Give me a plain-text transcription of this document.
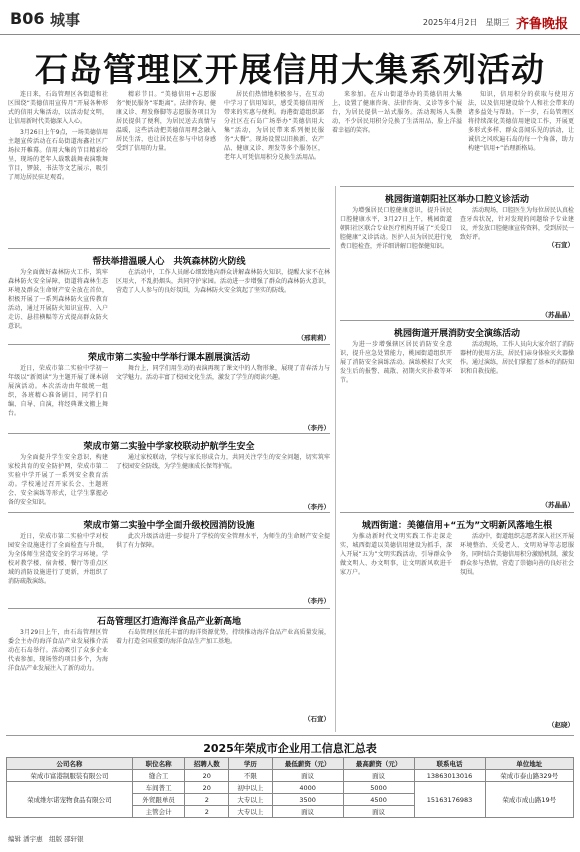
B06 城事	2025年4月2日　星期三 齐鲁晚报
石岛管理区开展信用大集系列活动

连日来，石岛管理区各街道和社区围绕“美德信用宣传月”开展各种形式的信用大集活动，以活动促文明，让信用新时代美德深入人心。

3月26日上午9点，一场美德信用主题宣传活动在石岛街道海鑫社区广场拉开帷幕。信用大集的节目精彩纷呈，现场的老年人载歌载舞表演歌舞节目，锣鼓、书法等文艺展示，吸引了周边居民驻足观看。

精彩节目。“美德信用+志愿服务”便民服务“零距离”。法律咨询、健康义诊、理发修脚等志愿服务项目为居民提供了便利，为居民送去真情与温暖，这些活动把美德信用理念融入居民生活，也让居民在参与中切身感受到了信用的力量。

居民们热情地积极参与，在互动中学习了信用知识，感受美德信用所带来的实惠与便利。海港街道组织部分社区在石岛广场举办“美德信用大集”活动，为居民带来系列便民服务“大餐”。现场设置以旧换新、农产品、健康义诊、理发等多个服务区，老年人可凭信用积分兑换生活用品。

来参加。在斥山街道举办的美德信用大集上，设置了健康咨询、法律咨询、义诊等多个展台，为居民提供一站式服务。活动现场人头攒动，不少居民用积分兑换了生活用品，脸上洋溢着幸福的笑容。

知识，信用积分的获取与使用方法，以及信用建设给个人和社会带来的诸多益处与帮助。下一步，石岛管理区将持续深化美德信用建设工作，开展更多形式多样、群众喜闻乐见的活动，让诚信之风吹遍石岛的每一个角落，助力构建“信用+”治理新格局。

（石宣）
帮扶举措温暖人心　共筑森林防火防线

为全面做好森林防火工作，筑牢森林防火安全屏障，街道将森林生态环境及群众生命财产安全放在首位，积极开展了一系列森林防火宣传教育活动，通过开展防火知识宣传、入户走访、悬挂横幅等方式提高群众防火意识。

在活动中，工作人员耐心细致地向群众讲解森林防火知识，提醒大家不在林区用火，不乱扔烟头，共同守护家园。活动进一步增强了群众的森林防火意识，营造了人人参与的良好氛围，为森林防火安全筑起了坚实的防线。

（邢莉莉）
荣成市第二实验中学举行课本剧展演活动

近日，荣成市第二实验中学初一年级以“新阅读”为主题开展了课本剧展演活动。本次活动由年级统一组织，各班精心准备剧目，同学们自编、自导、自演，将经典课文搬上舞台。

舞台上，同学们用生动的表演再现了课文中的人物形象，展现了青春活力与文学魅力。活动丰富了校园文化生活，激发了学生的阅读兴趣。

（李丹）
荣成市第二实验中学家校联动护航学生安全

为全面提升学生安全意识，构建家校共育的安全防护网，荣成市第二实验中学开展了一系列安全教育活动。学校通过召开家长会、主题班会、安全演练等形式，让学生掌握必备的安全知识。

通过家校联动，学校与家长形成合力，共同关注学生的安全问题，切实筑牢了校园安全防线，为学生健康成长保驾护航。

（李丹）
荣成市第二实验中学全面升级校园消防设施

近日，荣成市第二实验中学对校园安全设施进行了全面检查与升级，为全体师生营造安全的学习环境。学校对教学楼、宿舍楼、餐厅等重点区域的消防设施进行了更新，并组织了消防疏散演练。

此次升级活动进一步提升了学校的安全管理水平，为师生的生命财产安全提供了有力保障。

（李丹）
石岛管理区打造海洋食品产业新高地

3月29日上午，由石岛管理区管委会主办的海洋食品产业发展推介活动在石岛举行。活动吸引了众多企业代表参加，现场签约项目多个，为海洋食品产业发展注入了新的动力。

石岛管理区依托丰富的海洋资源优势，持续推动海洋食品产业高质量发展，着力打造全国重要的海洋食品生产加工基地。

（石宣）
桃园街道朝阳社区举办口腔义诊活动

为增强居民口腔健康意识，提升居民口腔健康水平，3月27日上午，桃园街道朝阳社区联合专业医疗机构开展了“关爱口腔健康”义诊活动。医护人员为居民进行免费口腔检查，并详细讲解口腔保健知识。

活动现场，口腔医生为每位居民认真检查牙齿状况，针对发现的问题给予专业建议，并发放口腔健康宣传资料，受到居民一致好评。

（苏晶晶）
桃园街道开展消防安全演练活动

为进一步增强辖区居民消防安全意识，提升应急处置能力，桃园街道组织开展了消防安全演练活动。演练模拟了火灾发生后的报警、疏散、初期火灾扑救等环节。

活动现场，工作人员向大家介绍了消防器材的使用方法，居民们亲身体验灭火器操作。通过演练，居民们掌握了基本的消防知识和自救技能。

（苏晶晶）
城西街道：美德信用+“五为”文明新风落地生根

为推动新时代文明实践工作走深走实，城西街道以美德信用建设为抓手，深入开展“五为”文明实践活动，引导群众争做文明人、办文明事，让文明新风吹进千家万户。

活动中，街道组织志愿者深入社区开展环境整治、关爱老人、文明劝导等志愿服务，同时结合美德信用积分激励机制，激发群众参与热情，营造了崇德向善的良好社会氛围。

（赵晓）
2025年荣成市企业用工信息汇总表
公司名称	职位名称	招聘人数	学历	最低薪资（元）	最高薪资（元）	联系电话	单位地址
荣成市富港制服装有限公司	缝合工	20	不限	面议	面议	13863013016	荣成市泰山路329号
荣成维尔诺宠物食品有限公司	车间普工	20	初中以上	4000	5000	15163176983	荣成市成山路19号
	外贸跟单员	2	大专以上	3500	4500		
	主管会计	2	大专以上	面议	面议		
编辑 潘宇惠　组版 邵轩银
